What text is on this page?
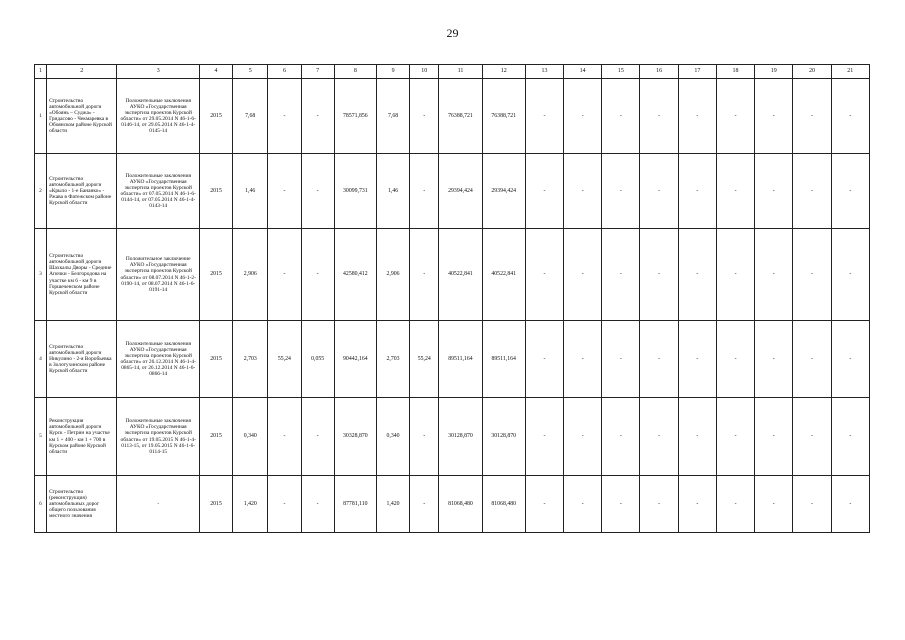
29
1	2	3	4	5	6	7	8	9	10	11	12	13	14	15	16	17	18	19	20	21
1	Строительство автомобильной дороги «Обоянь – Суджа» - Гридасово - Чекмаревка в Обоянском районе Курской области	Положительные заключения АУКО «Государственная экспертиза проектов Курской области» от 29.05.2014 N 46-1-6-0146-14, от 29.05.2014 N 46-1-4-0145-14	2015	7,68	-	-	78571,856	7,68	-	76388,721	76388,721	-	-	-	-	-	-	-	-	-
2	Строительство автомобильной дороги «Крыло - 1-е Бананко» - Ржава в Фатежском районе Курской области	Положительные заключения АУКО «Государственная экспертиза проектов Курской области» от 07.05.2014 N 46-1-6-0144-14, от 07.05.2014 N 46-1-4-0143-14	2015	1,46	-	-	30099,731	1,46	-	29394,424	29394,424	-	-	-	-	-	-	-	-	-
3	Строительство автомобильной дороги Шахкалы Дворы - Средние Апочки - Белгородова на участке км 6 - км 9 в Горшеченском районе Курской области	Положительное заключение АУКО «Государственная экспертиза проектов Курской области» от 08.07.2014 N 46-1-2-0190-14, от 08.07.2014 N 46-1-6-0191-14	2015	2,906	-	-	42580,412	2,906	-	40522,841	40522,841	-	-	-	-	-	-	-	-	-
4	Строительство автомобильной дороги Никулино - 2-я Воробьевка в Золотухинском районе Курской области	Положительные заключения АУКО «Государственная экспертиза проектов Курской области» от 26.12.2014 N 46-1-4-0865-14, от 26.12.2014 N 46-1-6-0866-14	2015	2,703	55,24	0,055	90442,164	2,703	55,24	89511,164	89511,164	-	-	-	-	-	-	-	-	-
5	Реконструкция автомобильной дороги Курск - Петрин на участке км 1 + 400 - км 1 + 700 в Курском районе Курской области	Положительные заключения АУКО «Государственная экспертиза проектов Курской области» от 19.05.2015 N 46-1-4-0113-15, от 19.05.2015 N 46-1-6-0114-15	2015	0,340	-	-	30328,870	0,340	-	30128,870	30128,870	-	-	-	-	-	-	-	-	-
6	Строительство (реконструкция) автомобильных дорог общего пользования местного значения	-	2015	1,420	-	-	87781,110	1,420	-	81068,480	81068,480	-	-	-	-	-	-	-	-	-
